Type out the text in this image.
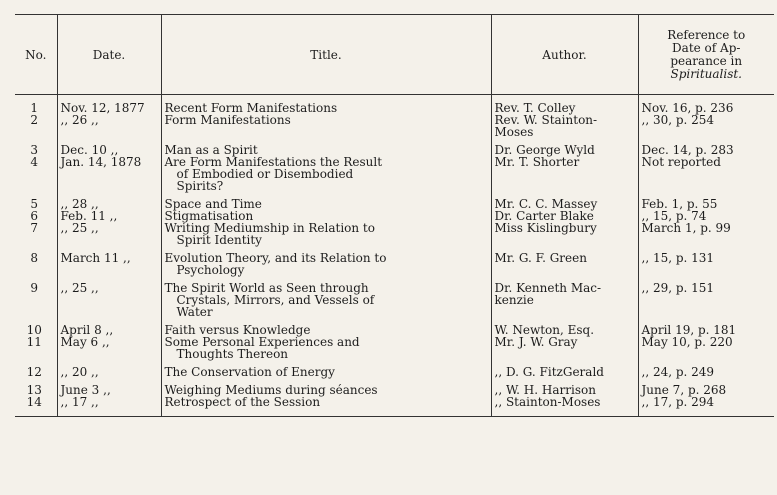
No.	Date.	Title.	Author.	Reference to
Date of Ap-
pearance in
Spiritualist.
1	Nov. 12, 1877	Recent Form Manifestations	Rev. T. Colley	Nov. 16, p. 236
2	,, 26 ,,	Form Manifestations	Rev. W. Stainton-
Moses	,, 30, p. 254
3	Dec. 10 ,,	Man as a Spirit	Dr. George Wyld	Dec. 14, p. 283
4	Jan. 14, 1878	Are Form Manifestations the Result
of Embodied or Disembodied
Spirits?	Mr. T. Shorter	Not reported
5	,, 28 ,,	Space and Time	Mr. C. C. Massey	Feb. 1, p. 55
6	Feb. 11 ,,	Stigmatisation	Dr. Carter Blake	,, 15, p. 74
7	,, 25 ,,	Writing Mediumship in Relation to
Spirit Identity	Miss Kislingbury	March 1, p. 99
8	March 11 ,,	Evolution Theory, and its Relation to
Psychology	Mr. G. F. Green	,, 15, p. 131
9	,, 25 ,,	The Spirit World as Seen through
Crystals, Mirrors, and Vessels of
Water	Dr. Kenneth Mac-
kenzie	,, 29, p. 151
10	April 8 ,,	Faith versus Knowledge	W. Newton, Esq.	April 19, p. 181
11	May 6 ,,	Some Personal Experiences and
Thoughts Thereon	Mr. J. W. Gray	May 10, p. 220
12	,, 20 ,,	The Conservation of Energy	,, D. G. FitzGerald	,, 24, p. 249
13	June 3 ,,	Weighing Mediums during séances	,, W. H. Harrison	June 7, p. 268
14	,, 17 ,,	Retrospect of the Session	,, Stainton-Moses	,, 17, p. 294
